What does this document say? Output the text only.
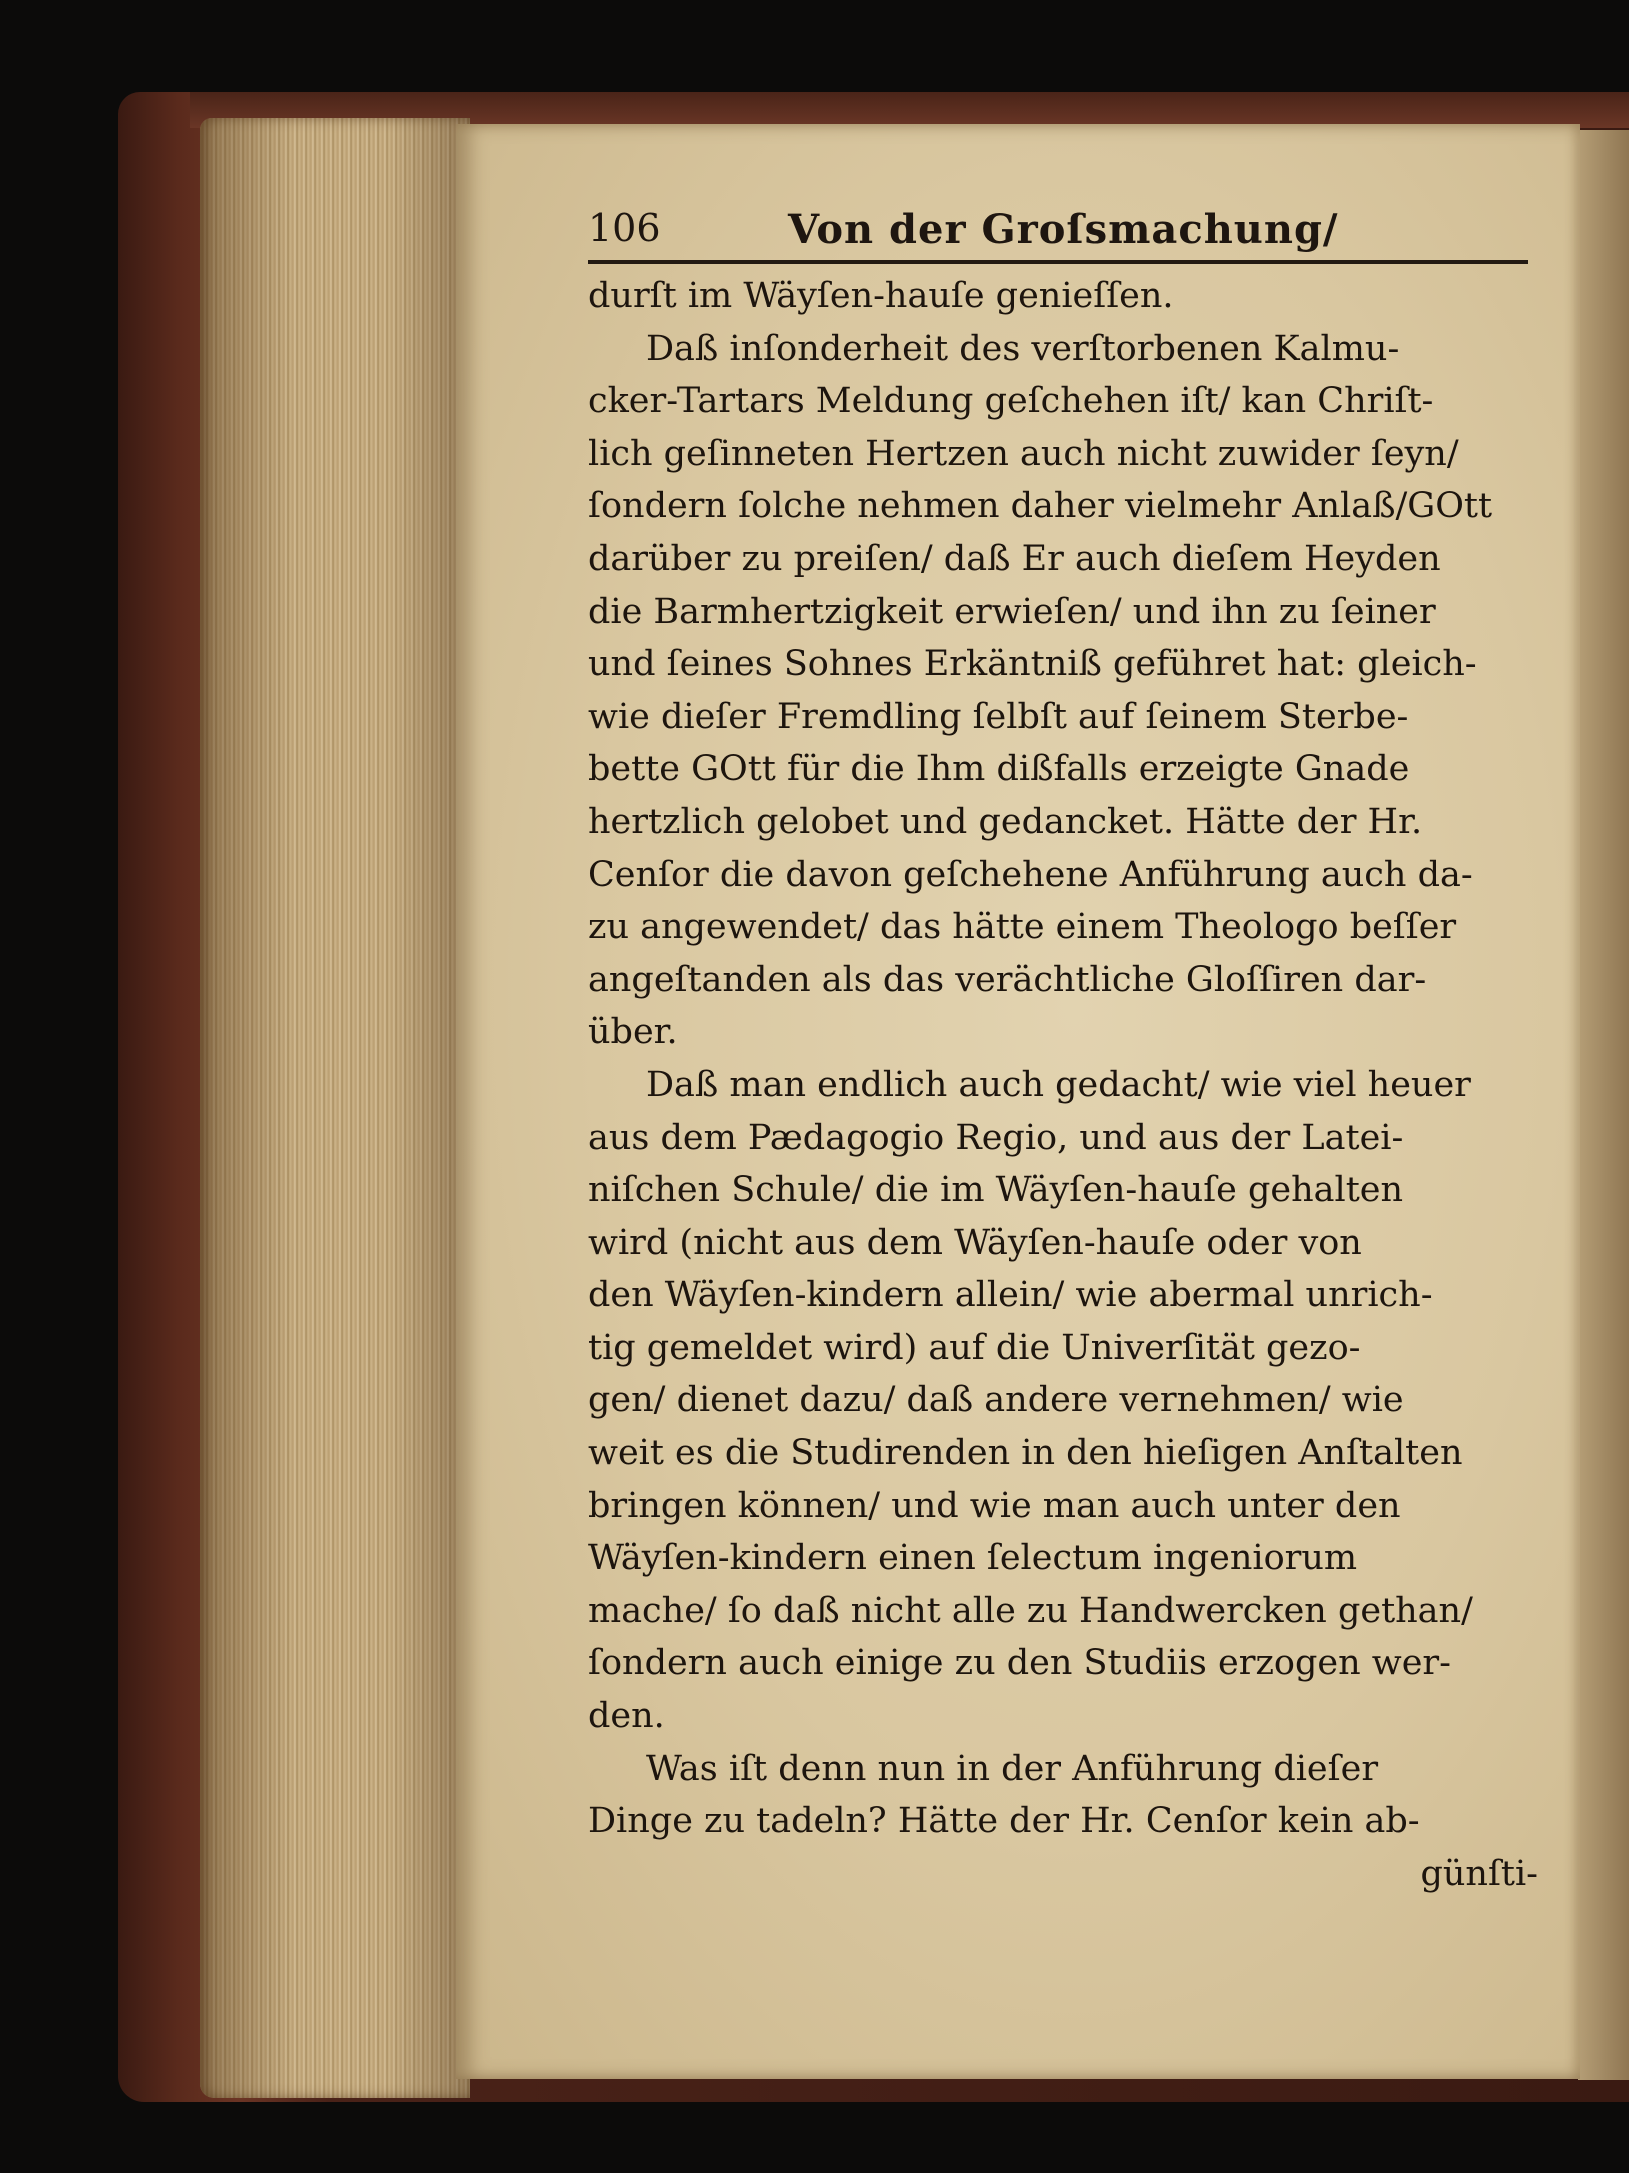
106	Von der Groſsmachung/
durſt im Wäyſen-hauſe genieſſen.
Daß inſonderheit des verſtorbenen Kalmu-
cker-Tartars Meldung geſchehen iſt/ kan Chriſt-
lich geſinneten Hertzen auch nicht zuwider ſeyn/
ſondern ſolche nehmen daher vielmehr Anlaß/GOtt
darüber zu preiſen/ daß Er auch dieſem Heyden
die Barmhertzigkeit erwieſen/ und ihn zu ſeiner
und ſeines Sohnes Erkäntniß geführet hat: gleich-
wie dieſer Fremdling ſelbſt auf ſeinem Sterbe-
bette GOtt für die Ihm dißfalls erzeigte Gnade
hertzlich gelobet und gedancket. Hätte der Hr.
Cenſor die davon geſchehene Anführung auch da-
zu angewendet/ das hätte einem Theologo beſſer
angeſtanden als das verächtliche Gloſſiren dar-
über.
Daß man endlich auch gedacht/ wie viel heuer
aus dem Pædagogio Regio, und aus der Latei-
niſchen Schule/ die im Wäyſen-hauſe gehalten
wird (nicht aus dem Wäyſen-hauſe oder von
den Wäyſen-kindern allein/ wie abermal unrich-
tig gemeldet wird) auf die Univerſität gezo-
gen/ dienet dazu/ daß andere vernehmen/ wie
weit es die Studirenden in den hieſigen Anſtalten
bringen können/ und wie man auch unter den
Wäyſen-kindern einen ſelectum ingeniorum
mache/ ſo daß nicht alle zu Handwercken gethan/
ſondern auch einige zu den Studiis erzogen wer-
den.
Was iſt denn nun in der Anführung dieſer
Dinge zu tadeln? Hätte der Hr. Cenſor kein ab-
günſti-
